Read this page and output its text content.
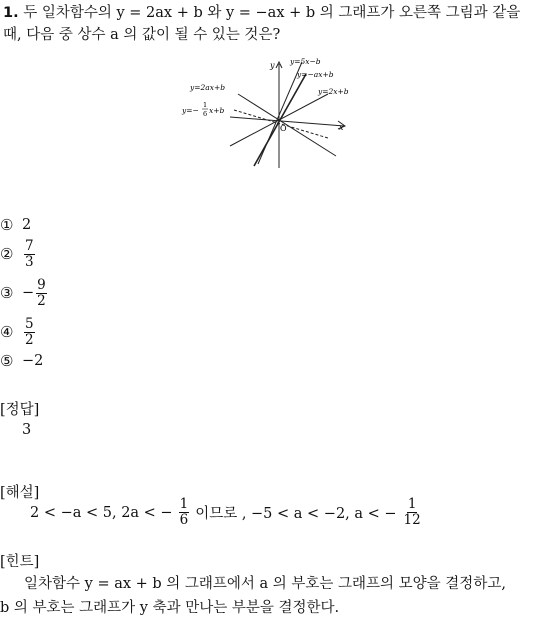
1. 두 일차함수의 y = 2ax + b 와 y = −ax + b 의 그래프가 오른쪽 그림과 같을
때, 다음 중 상수 a 의 값이 될 수 있는 것은?
y
x
O
y=5x−b
y=−ax+b
y=2x+b
y=2ax+b
y=−
1
6 x+b
① 2
② $\frac{7}{3}$
③ − $\frac{9}{2}$
④ $\frac{5}{2}$
⑤ −2
[정답]
3
[해설]
2 < −a < 5, 2a < − $\frac{1}{6}$ 이므로 , −5 < a < −2, a < − $\frac{1}{12}$
[힌트]
일차함수 y = ax + b 의 그래프에서 a 의 부호는 그래프의 모양을 결정하고,
b 의 부호는 그래프가 y 축과 만나는 부분을 결정한다.
